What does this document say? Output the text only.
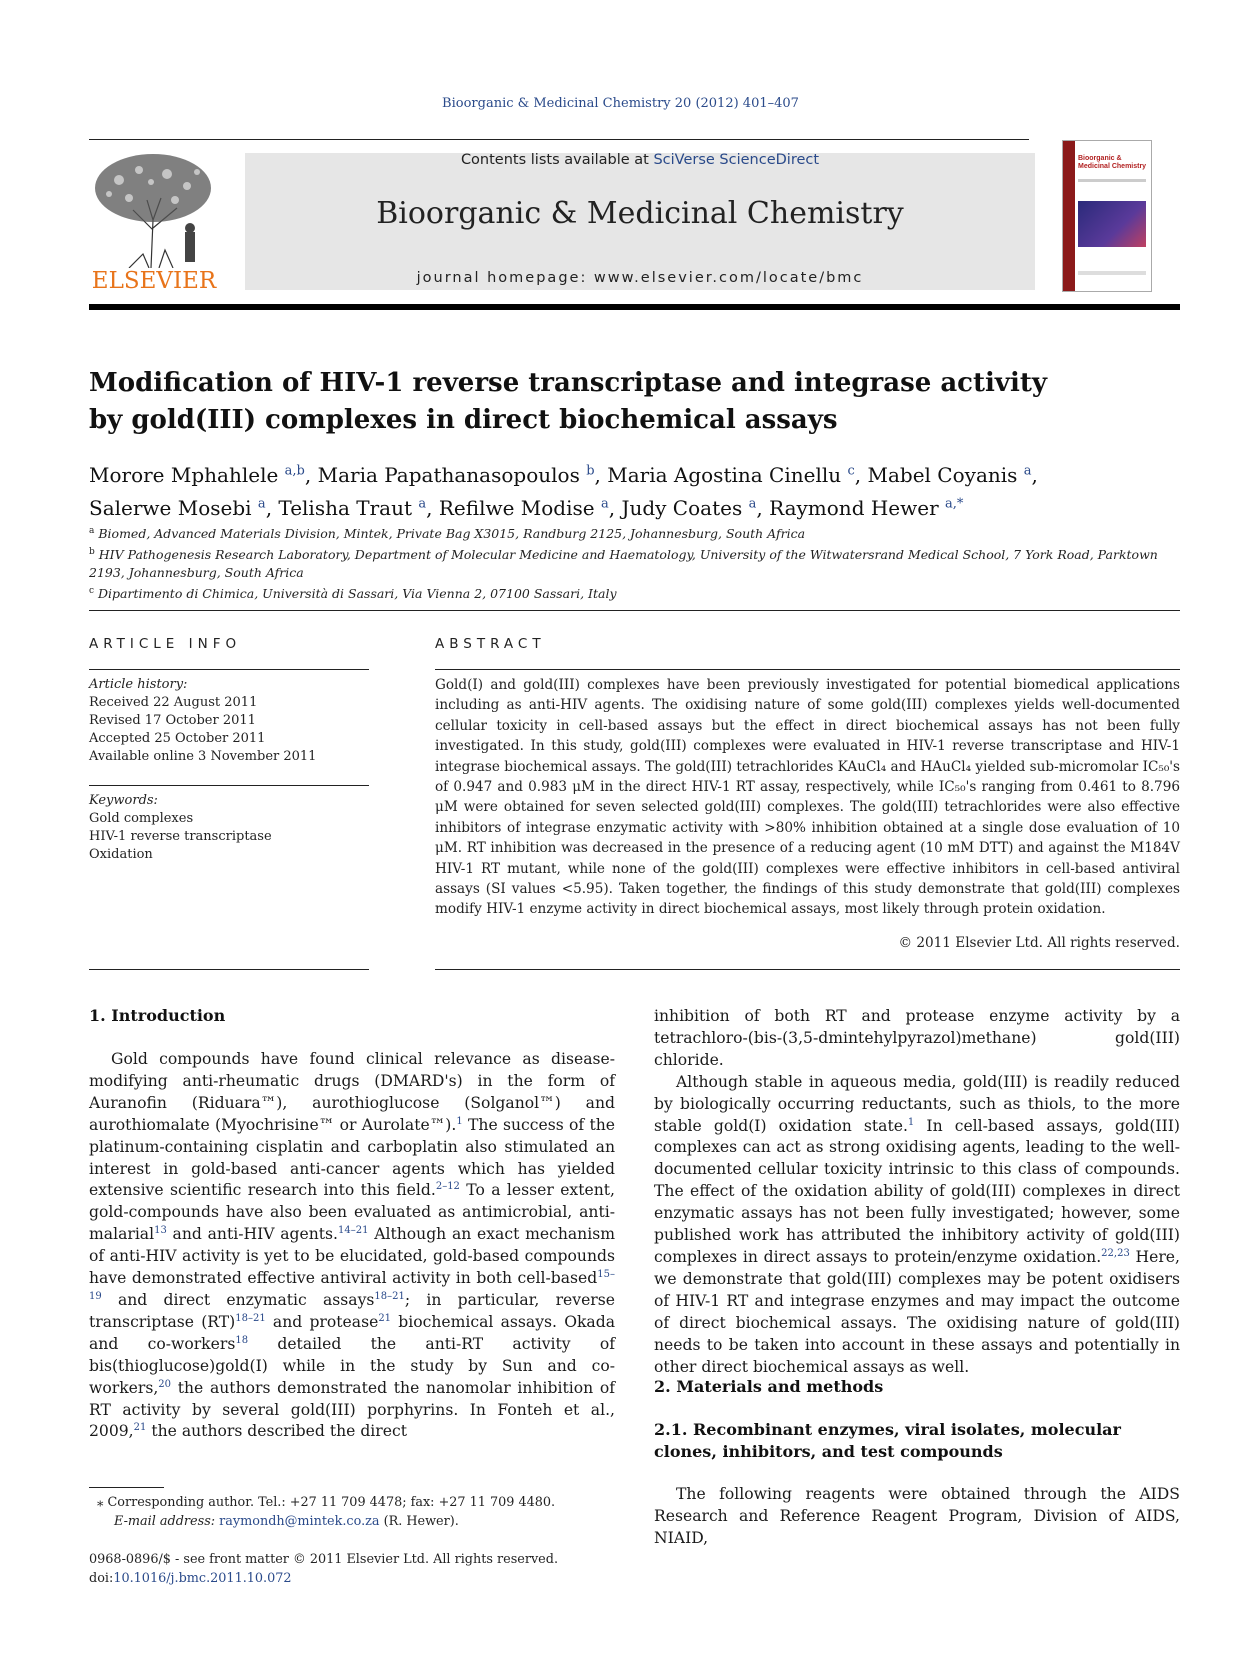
Bioorganic & Medicinal Chemistry 20 (2012) 401–407
ELSEVIER
Contents lists available at SciVerse ScienceDirect
Bioorganic & Medicinal Chemistry
journal homepage: www.elsevier.com/locate/bmc
Bioorganic & Medicinal Chemistry
Modification of HIV-1 reverse transcriptase and integrase activity
by gold(III) complexes in direct biochemical assays
Morore Mphahlele $^{a,b}$, Maria Papathanasopoulos $^b$, Maria Agostina Cinellu $^c$, Mabel Coyanis $^a$,
Salerwe Mosebi $^a$, Telisha Traut $^a$, Refilwe Modise $^a$, Judy Coates $^a$, Raymond Hewer $^{a,*}$
$^a$ Biomed, Advanced Materials Division, Mintek, Private Bag X3015, Randburg 2125, Johannesburg, South Africa
$^b$ HIV Pathogenesis Research Laboratory, Department of Molecular Medicine and Haematology, University of the Witwatersrand Medical School, 7 York Road, Parktown 2193, Johannesburg, South Africa
$^c$ Dipartimento di Chimica, Università di Sassari, Via Vienna 2, 07100 Sassari, Italy
ARTICLE INFO
Article history:
Received 22 August 2011
Revised 17 October 2011
Accepted 25 October 2011
Available online 3 November 2011
Keywords:
Gold complexes
HIV-1 reverse transcriptase
Oxidation
ABSTRACT
Gold(I) and gold(III) complexes have been previously investigated for potential biomedical applications including as anti-HIV agents. The oxidising nature of some gold(III) complexes yields well-documented cellular toxicity in cell-based assays but the effect in direct biochemical assays has not been fully investigated. In this study, gold(III) complexes were evaluated in HIV-1 reverse transcriptase and HIV-1 integrase biochemical assays. The gold(III) tetrachlorides KAuCl₄ and HAuCl₄ yielded sub-micromolar IC₅₀'s of 0.947 and 0.983 μM in the direct HIV-1 RT assay, respectively, while IC₅₀'s ranging from 0.461 to 8.796 μM were obtained for seven selected gold(III) complexes. The gold(III) tetrachlorides were also effective inhibitors of integrase enzymatic activity with >80% inhibition obtained at a single dose evaluation of 10 μM. RT inhibition was decreased in the presence of a reducing agent (10 mM DTT) and against the M184V HIV-1 RT mutant, while none of the gold(III) complexes were effective inhibitors in cell-based antiviral assays (SI values <5.95). Taken together, the findings of this study demonstrate that gold(III) complexes modify HIV-1 enzyme activity in direct biochemical assays, most likely through protein oxidation.
© 2011 Elsevier Ltd. All rights reserved.
1. Introduction

Gold compounds have found clinical relevance as disease-modifying anti-rheumatic drugs (DMARD's) in the form of Auranofin (Riduara™), aurothioglucose (Solganol™) and aurothiomalate (Myochrisine™ or Aurolate™).$^1$ The success of the platinum-containing cisplatin and carboplatin also stimulated an interest in gold-based anti-cancer agents which has yielded extensive scientific research into this field.$^{2-12}$ To a lesser extent, gold-compounds have also been evaluated as antimicrobial, anti-malarial$^{13}$ and anti-HIV agents.$^{14-21}$ Although an exact mechanism of anti-HIV activity is yet to be elucidated, gold-based compounds have demonstrated effective antiviral activity in both cell-based$^{15-19}$ and direct enzymatic assays$^{18-21}$; in particular, reverse transcriptase (RT)$^{18-21}$ and protease$^{21}$ biochemical assays. Okada and co-workers$^{18}$ detailed the anti-RT activity of bis(thioglucose)gold(I) while in the study by Sun and co-workers,$^{20}$ the authors demonstrated the nanomolar inhibition of RT activity by several gold(III) porphyrins. In Fonteh et al., 2009,21 the authors described the direct

inhibition of both RT and protease enzyme activity by a tetrachloro-(bis-(3,5-dmintehylpyrazol)methane) gold(III) chloride.

Although stable in aqueous media, gold(III) is readily reduced by biologically occurring reductants, such as thiols, to the more stable gold(I) oxidation state.$^1$ In cell-based assays, gold(III) complexes can act as strong oxidising agents, leading to the well-documented cellular toxicity intrinsic to this class of compounds. The effect of the oxidation ability of gold(III) complexes in direct enzymatic assays has not been fully investigated; however, some published work has attributed the inhibitory activity of gold(III) complexes in direct assays to protein/enzyme oxidation.$^{22,23}$ Here, we demonstrate that gold(III) complexes may be potent oxidisers of HIV-1 RT and integrase enzymes and may impact the outcome of direct biochemical assays. The oxidising nature of gold(III) needs to be taken into account in these assays and potentially in other direct biochemical assays as well.

2. Materials and methods
2.1. Recombinant enzymes, viral isolates, molecular clones, inhibitors, and test compounds

The following reagents were obtained through the AIDS Research and Reference Reagent Program, Division of AIDS, NIAID,

⁎ Corresponding author. Tel.: +27 11 709 4478; fax: +27 11 709 4480.
E-mail address: raymondh@mintek.co.za (R. Hewer).
0968-0896/$ - see front matter © 2011 Elsevier Ltd. All rights reserved.
doi:10.1016/j.bmc.2011.10.072
